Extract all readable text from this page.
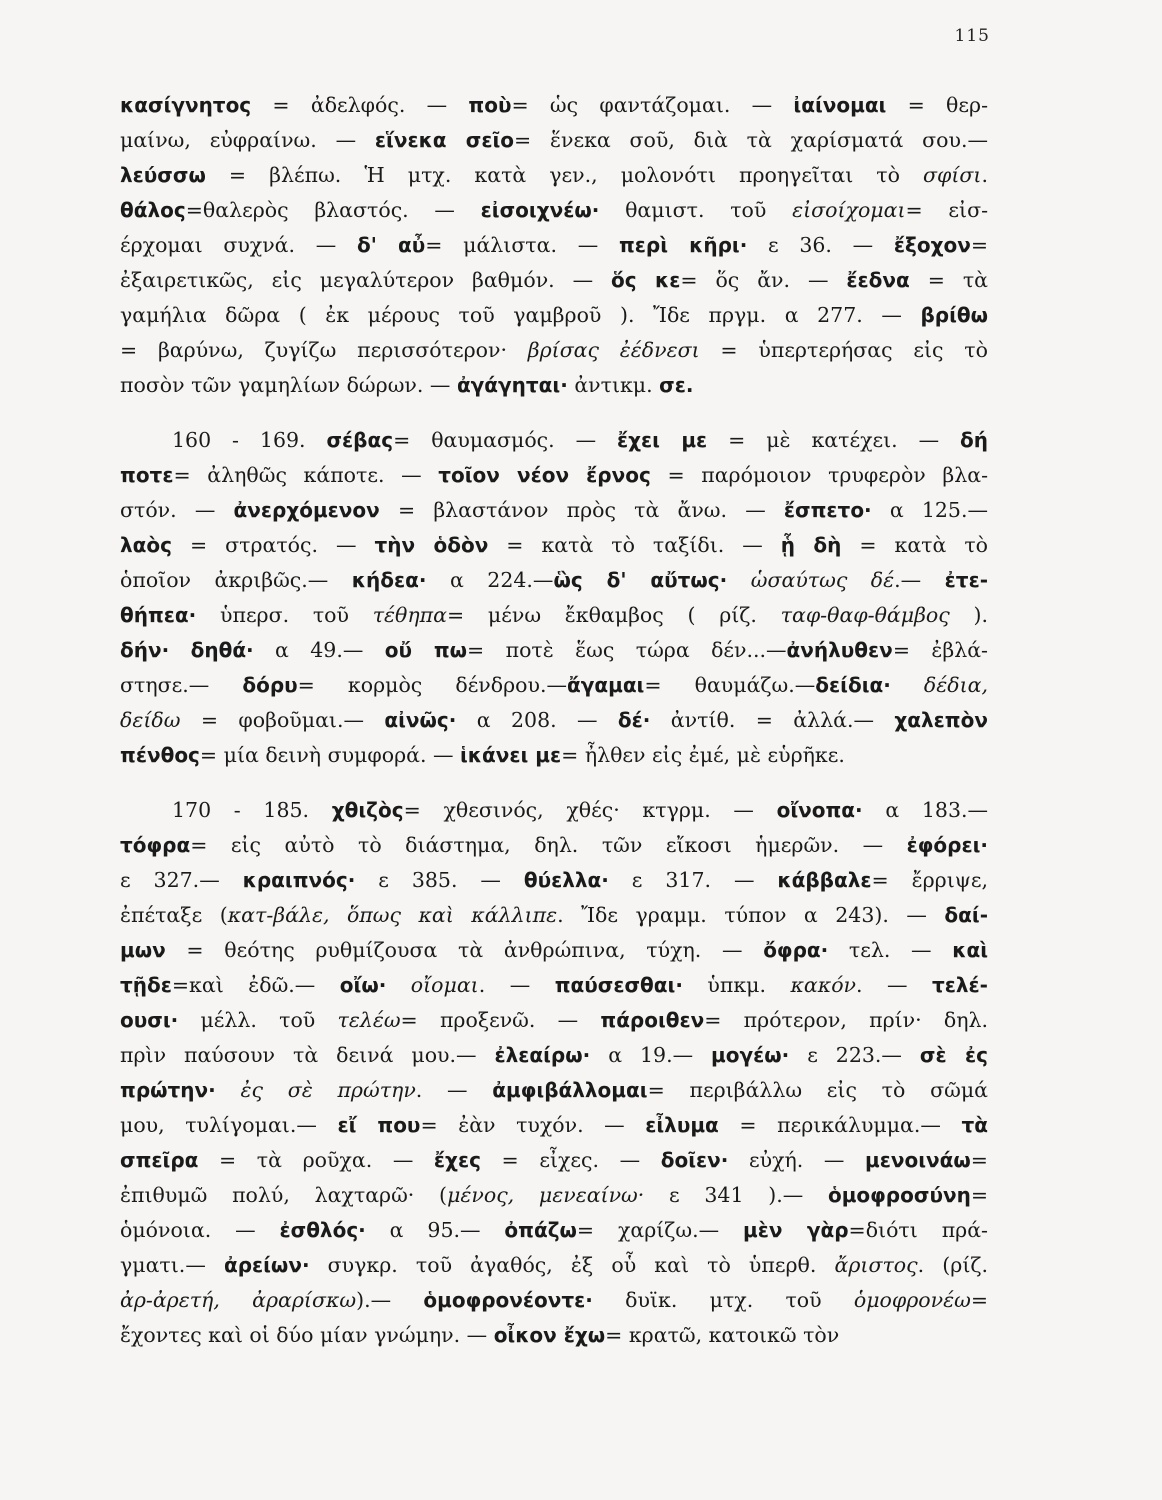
115
κασίγνητος = ἀδελφός. — ποὺ= ὡς φαντάζομαι. — ἰαίνομαι = θερ-
μαίνω, εὐφραίνω. — εἵνεκα σεῖο= ἕνεκα σοῦ, διὰ τὰ χαρίσματά σου.—
λεύσσω = βλέπω. Ἡ μτχ. κατὰ γεν., μολονότι προηγεῖται τὸ σφίσι.
θάλος=θαλερὸς βλαστός. — εἰσοιχνέω· θαμιστ. τοῦ εἰσοίχομαι= εἰσ-
έρχομαι συχνά. — δ' αὖ= μάλιστα. — περὶ κῆρι· ε 36. — ἔξοχον=
ἐξαιρετικῶς, εἰς μεγαλύτερον βαθμόν. — ὅς κε= ὅς ἄν. — ἔεδνα = τὰ
γαμήλια δῶρα ( ἐκ μέρους τοῦ γαμβροῦ ). Ἴδε πργμ. α 277. — βρίθω
= βαρύνω, ζυγίζω περισσότερον· βρίσας ἐέδνεσι = ὑπερτερήσας εἰς τὸ
ποσὸν τῶν γαμηλίων δώρων. — ἀγάγηται· ἀντικμ. σε.
160 - 169. σέβας= θαυμασμός. — ἔχει με = μὲ κατέχει. — δή
ποτε= ἀληθῶς κάποτε. — τοῖον νέον ἔρνος = παρόμοιον τρυφερὸν βλα-
στόν. — ἀνερχόμενον = βλαστάνον πρὸς τὰ ἄνω. — ἔσπετο· α 125.—
λαὸς = στρατός. — τὴν ὁδὸν = κατὰ τὸ ταξίδι. — ᾗ δὴ = κατὰ τὸ
ὁποῖον ἀκριβῶς.— κήδεα· α 224.—ὣς δ' αὔτως· ὡσαύτως δέ.— ἐτε-
θήπεα· ὑπερσ. τοῦ τέθηπα= μένω ἔκθαμβος ( ρίζ. ταφ-θαφ-θάμβος ).
δήν· δηθά· α 49.— οὔ πω= ποτὲ ἕως τώρα δέν...—ἀνήλυθεν= ἐβλά-
στησε.— δόρυ= κορμὸς δένδρου.—ἄγαμαι= θαυμάζω.—δείδια· δέδια,
δείδω = φοβοῦμαι.— αἰνῶς· α 208. — δέ· ἀντίθ. = ἀλλά.— χαλεπὸν
πένθος= μία δεινὴ συμφορά. — ἱκάνει με= ἦλθεν εἰς ἐμέ, μὲ εὑρῆκε.
170 - 185. χθιζὸς= χθεσινός, χθές· κτγρμ. — οἴνοπα· α 183.—
τόφρα= εἰς αὐτὸ τὸ διάστημα, δηλ. τῶν εἴκοσι ἡμερῶν. — ἐφόρει·
ε 327.— κραιπνός· ε 385. — θύελλα· ε 317. — κάββαλε= ἔρριψε,
ἐπέταξε (κατ-βάλε, ὅπως καὶ κάλλιπε. Ἴδε γραμμ. τύπον α 243). — δαί-
μων = θεότης ρυθμίζουσα τὰ ἀνθρώπινα, τύχη. — ὄφρα· τελ. — καὶ
τῇδε=καὶ ἐδῶ.— οἴω· οἴομαι. — παύσεσθαι· ὑπκμ. κακόν. — τελέ-
ουσι· μέλλ. τοῦ τελέω= προξενῶ. — πάροιθεν= πρότερον, πρίν· δηλ.
πρὶν παύσουν τὰ δεινά μου.— ἐλεαίρω· α 19.— μογέω· ε 223.— σὲ ἐς
πρώτην· ἐς σὲ πρώτην. — ἀμφιβάλλομαι= περιβάλλω εἰς τὸ σῶμά
μου, τυλίγομαι.— εἴ που= ἐὰν τυχόν. — εἶλυμα = περικάλυμμα.— τὰ
σπεῖρα = τὰ ροῦχα. — ἔχες = εἶχες. — δοῖεν· εὐχή. — μενοινάω=
ἐπιθυμῶ πολύ, λαχταρῶ· (μένος, μενεαίνω· ε 341 ).— ὁμοφροσύνη=
ὁμόνοια. — ἐσθλός· α 95.— ὀπάζω= χαρίζω.— μὲν γὰρ=διότι πρά-
γματι.— ἀρείων· συγκρ. τοῦ ἀγαθός, ἐξ οὗ καὶ τὸ ὑπερθ. ἄριστος. (ρίζ.
ἀρ-ἀρετή, ἀραρίσκω).— ὁμοφρονέοντε· δυϊκ. μτχ. τοῦ ὁμοφρονέω=
ἔχοντες καὶ οἱ δύο μίαν γνώμην. — οἶκον ἔχω= κρατῶ, κατοικῶ τὸν
